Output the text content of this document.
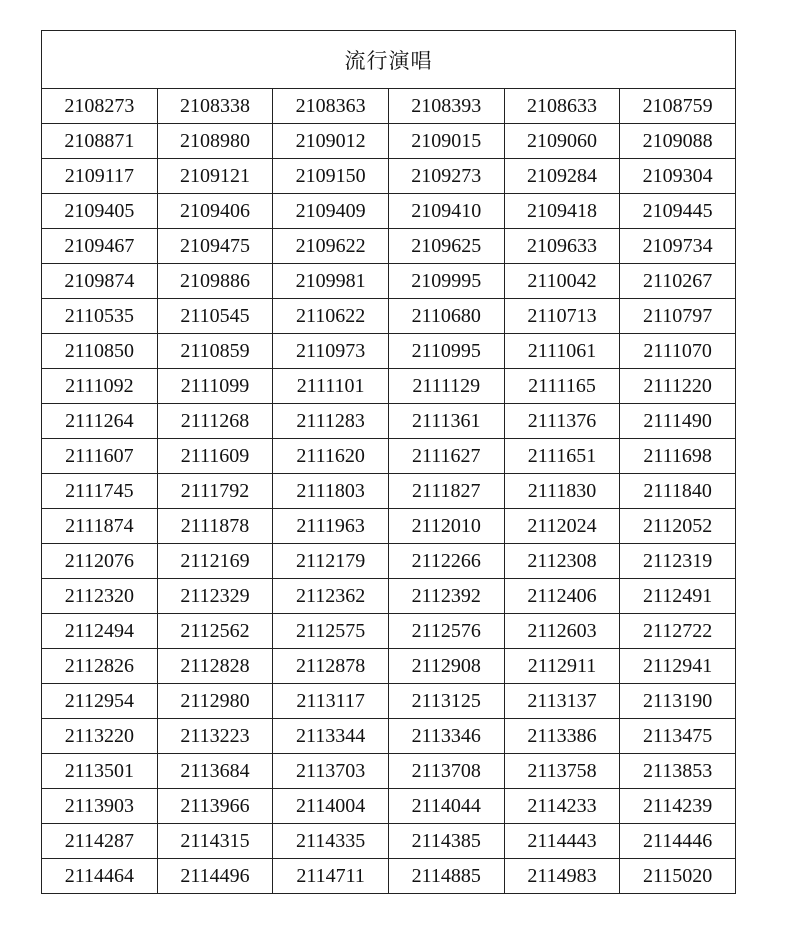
流行演唱					
2108273	2108338	2108363	2108393	2108633	2108759
2108871	2108980	2109012	2109015	2109060	2109088
2109117	2109121	2109150	2109273	2109284	2109304
2109405	2109406	2109409	2109410	2109418	2109445
2109467	2109475	2109622	2109625	2109633	2109734
2109874	2109886	2109981	2109995	2110042	2110267
2110535	2110545	2110622	2110680	2110713	2110797
2110850	2110859	2110973	2110995	2111061	2111070
2111092	2111099	2111101	2111129	2111165	2111220
2111264	2111268	2111283	2111361	2111376	2111490
2111607	2111609	2111620	2111627	2111651	2111698
2111745	2111792	2111803	2111827	2111830	2111840
2111874	2111878	2111963	2112010	2112024	2112052
2112076	2112169	2112179	2112266	2112308	2112319
2112320	2112329	2112362	2112392	2112406	2112491
2112494	2112562	2112575	2112576	2112603	2112722
2112826	2112828	2112878	2112908	2112911	2112941
2112954	2112980	2113117	2113125	2113137	2113190
2113220	2113223	2113344	2113346	2113386	2113475
2113501	2113684	2113703	2113708	2113758	2113853
2113903	2113966	2114004	2114044	2114233	2114239
2114287	2114315	2114335	2114385	2114443	2114446
2114464	2114496	2114711	2114885	2114983	2115020
